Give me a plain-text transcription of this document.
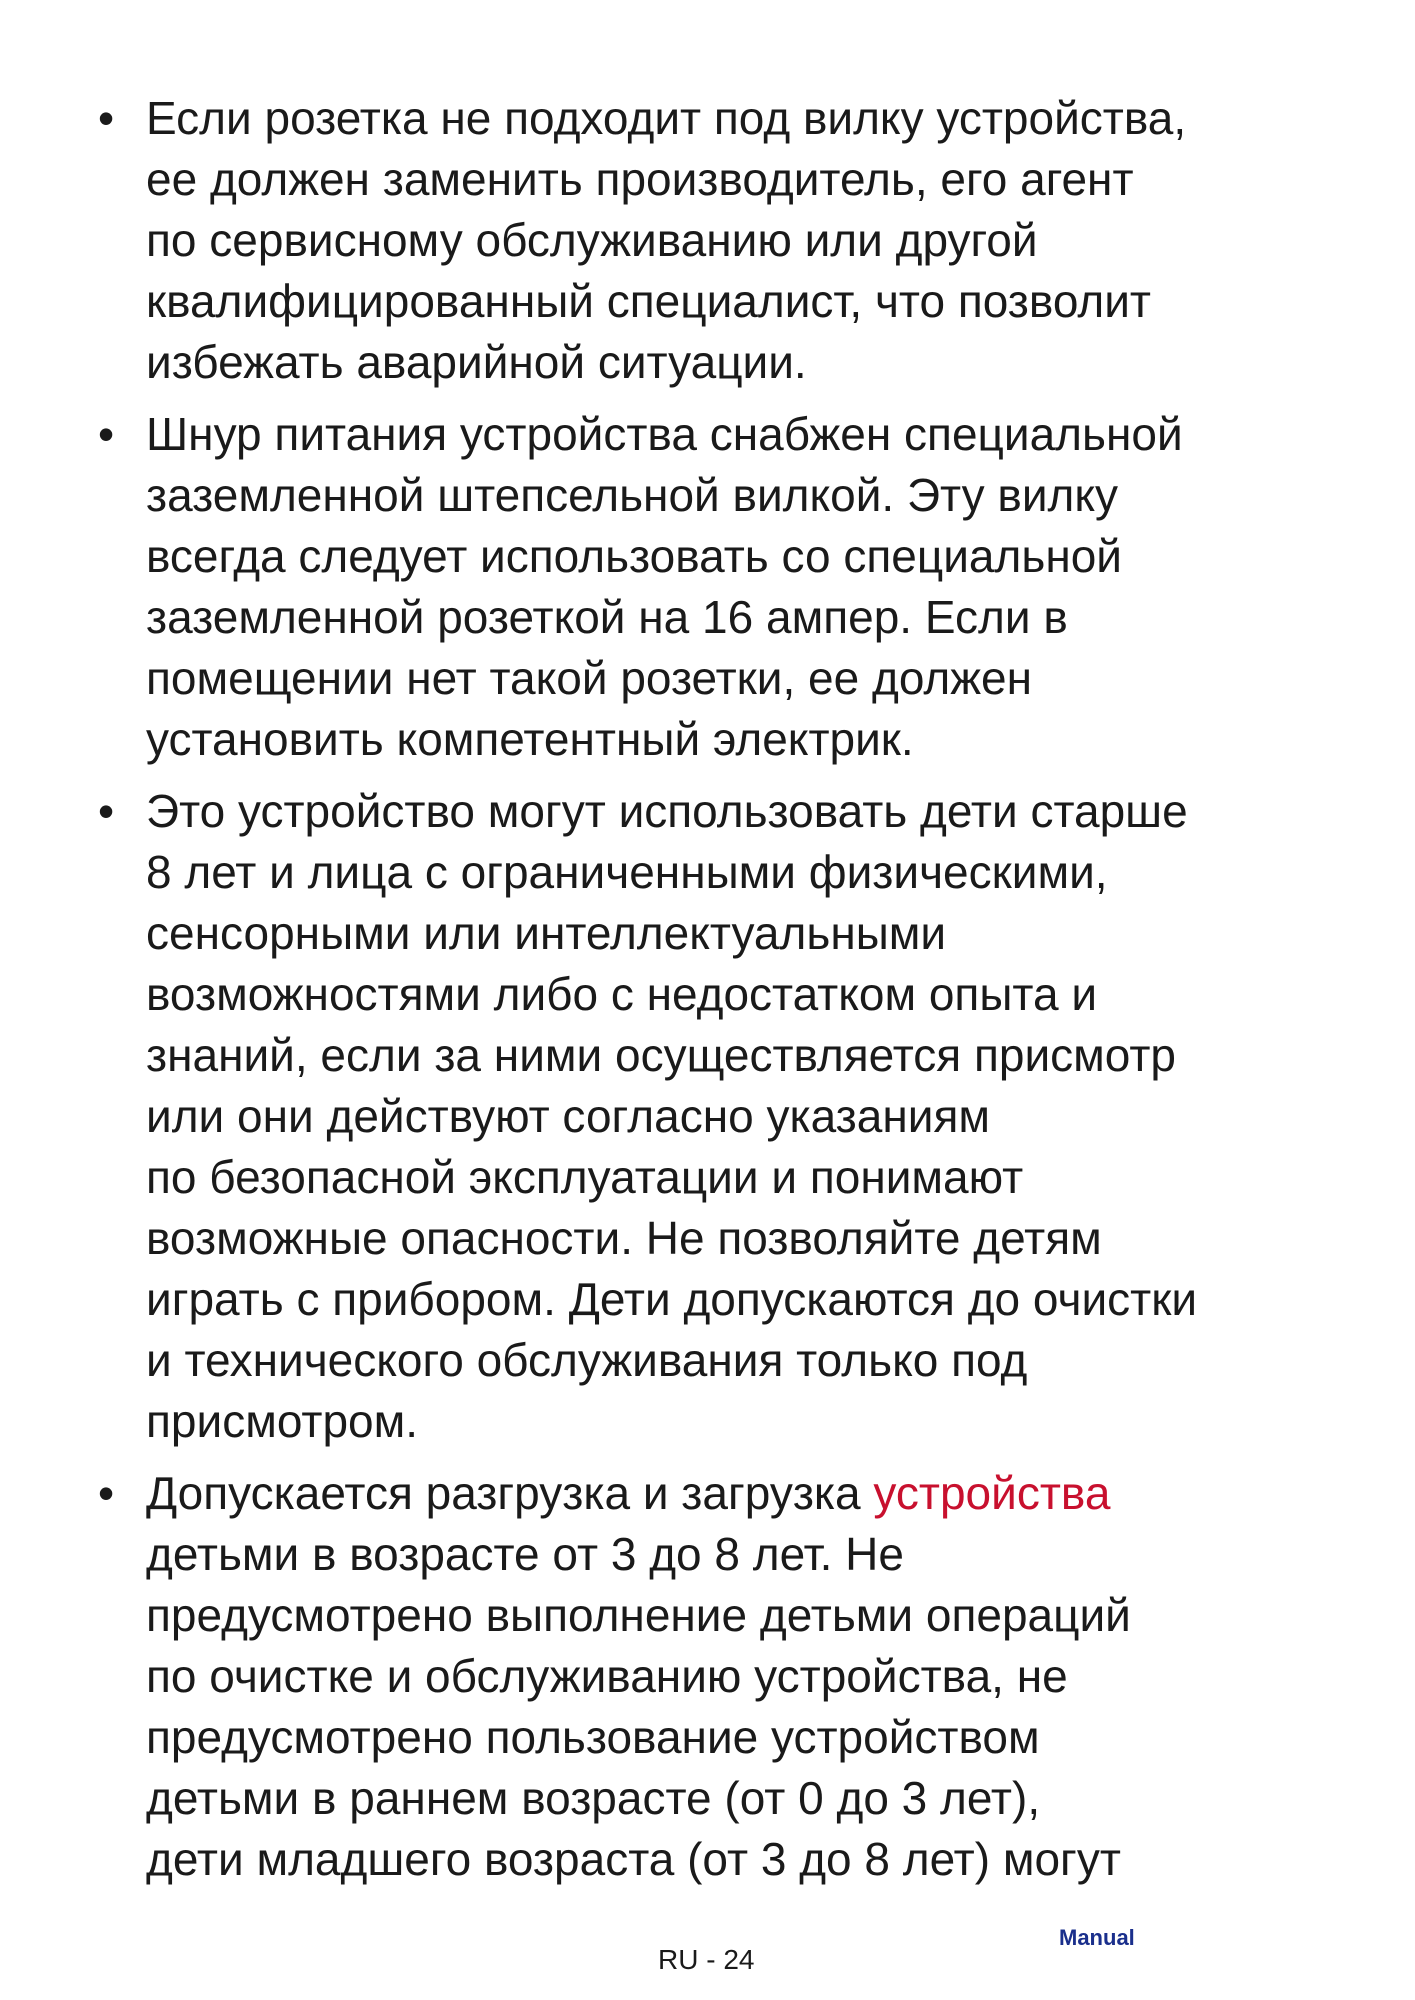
• Если розетка не подходит под вилку устройства,
ее должен заменить производитель, его агент
по сервисному обслуживанию или другой
квалифицированный специалист, что позволит
избежать аварийной ситуации.
• Шнур питания устройства снабжен специальной
заземленной штепсельной вилкой. Эту вилку
всегда следует использовать со специальной
заземленной розеткой на 16 ампер. Если в
помещении нет такой розетки, ее должен
установить компетентный электрик.
• Это устройство могут использовать дети старше
8 лет и лица с ограниченными физическими,
сенсорными или интеллектуальными
возможностями либо с недостатком опыта и
знаний, если за ними осуществляется присмотр
или они действуют согласно указаниям
по безопасной эксплуатации и понимают
возможные опасности. Не позволяйте детям
играть с прибором. Дети допускаются до очистки
и технического обслуживания только под
присмотром.
• Допускается разгрузка и загрузка устройства
детьми в возрасте от 3 до 8 лет. Не
предусмотрено выполнение детьми операций
по очистке и обслуживанию устройства, не
предусмотрено пользование устройством
детьми в раннем возрасте (от 0 до 3 лет),
дети младшего возраста (от 3 до 8 лет) могут
Manual
RU - 24
